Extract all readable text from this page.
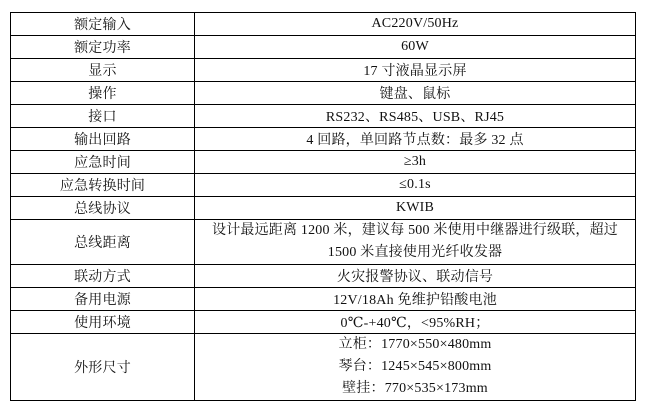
额定输入	AC220V/50Hz
额定功率	60W
显示	17 寸液晶显示屏
操作	键盘、鼠标
接口	RS232、RS485、USB、RJ45
输出回路	4 回路，单回路节点数：最多 32 点
应急时间	≥3h
应急转换时间	≤0.1s
总线协议	KWIB
总线距离	设计最远距离 1200 米，建议每 500 米使用中继器进行级联，超过
1500 米直接使用光纤收发器

联动方式	火灾报警协议、联动信号
备用电源	12V/18Ah 免维护铅酸电池
使用环境	0℃-+40℃，<95%RH；
外形尺寸	立柜：1770×550×480mm
琴台：1245×545×800mm
壁挂：770×535×173mm
